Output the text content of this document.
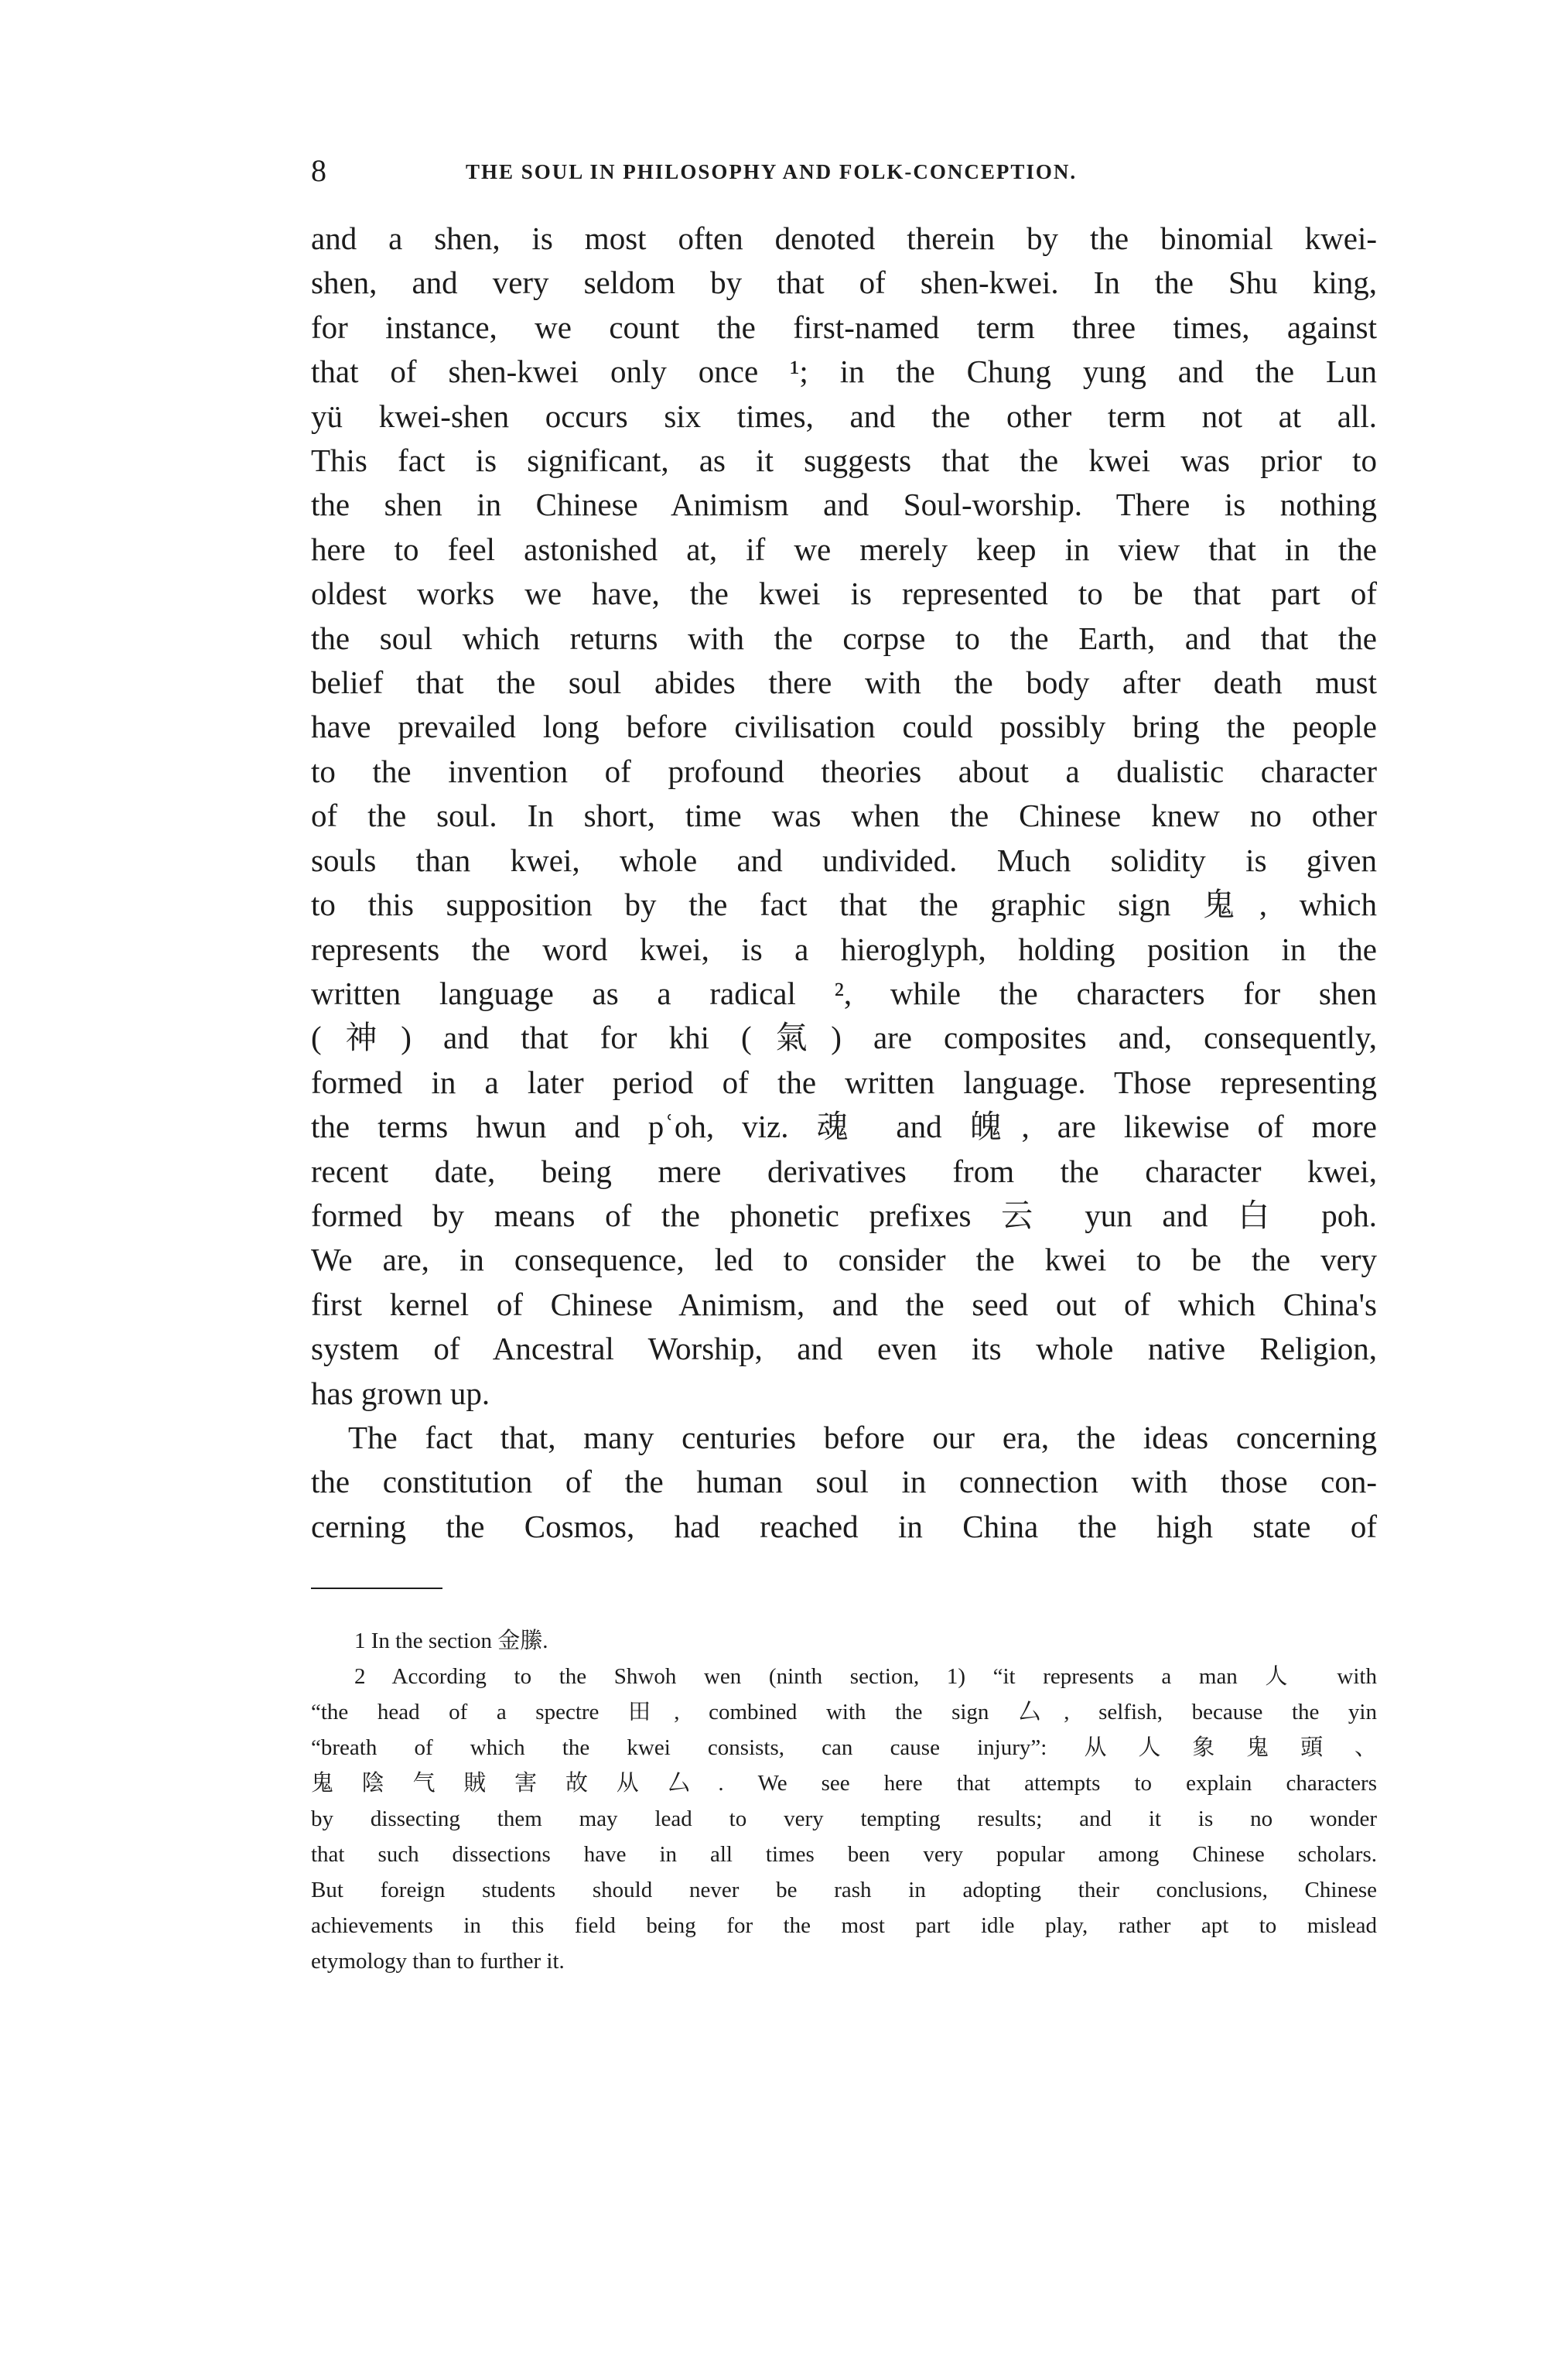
8	THE SOUL IN PHILOSOPHY AND FOLK-CONCEPTION.
and a shen, is most often denoted therein by the binomial kwei-
shen, and very seldom by that of shen-kwei. In the Shu king,
for instance, we count the first-named term three times, against
that of shen-kwei only once ¹; in the Chung yung and the Lun
yü kwei-shen occurs six times, and the other term not at all.
This fact is significant, as it suggests that the kwei was prior to
the shen in Chinese Animism and Soul-worship. There is nothing
here to feel astonished at, if we merely keep in view that in the
oldest works we have, the kwei is represented to be that part of
the soul which returns with the corpse to the Earth, and that the
belief that the soul abides there with the body after death must
have prevailed long before civilisation could possibly bring the people
to the invention of profound theories about a dualistic character
of the soul. In short, time was when the Chinese knew no other
souls than kwei, whole and undivided. Much solidity is given
to this supposition by the fact that the graphic sign 鬼, which
represents the word kwei, is a hieroglyph, holding position in the
written language as a radical ², while the characters for shen
(神) and that for khi (氣) are composites and, consequently,
formed in a later period of the written language. Those representing
the terms hwun and pʿoh, viz. 魂 and 魄, are likewise of more
recent date, being mere derivatives from the character kwei,
formed by means of the phonetic prefixes 云 yun and 白 poh.
We are, in consequence, led to consider the kwei to be the very
first kernel of Chinese Animism, and the seed out of which China's
system of Ancestral Worship, and even its whole native Religion,
has grown up.
The fact that, many centuries before our era, the ideas concerning
the constitution of the human soul in connection with those con-
cerning the Cosmos, had reached in China the high state of
1 In the section 金縢.
2 According to the Shwoh wen (ninth section, 1) “it represents a man 人 with
“the head of a spectre 田, combined with the sign 厶, selfish, because the yin
“breath of which the kwei consists, can cause injury”: 从人象鬼頭、
鬼陰气賊害故从厶. We see here that attempts to explain characters
by dissecting them may lead to very tempting results; and it is no wonder
that such dissections have in all times been very popular among Chinese scholars.
But foreign students should never be rash in adopting their conclusions, Chinese
achievements in this field being for the most part idle play, rather apt to mislead
etymology than to further it.
